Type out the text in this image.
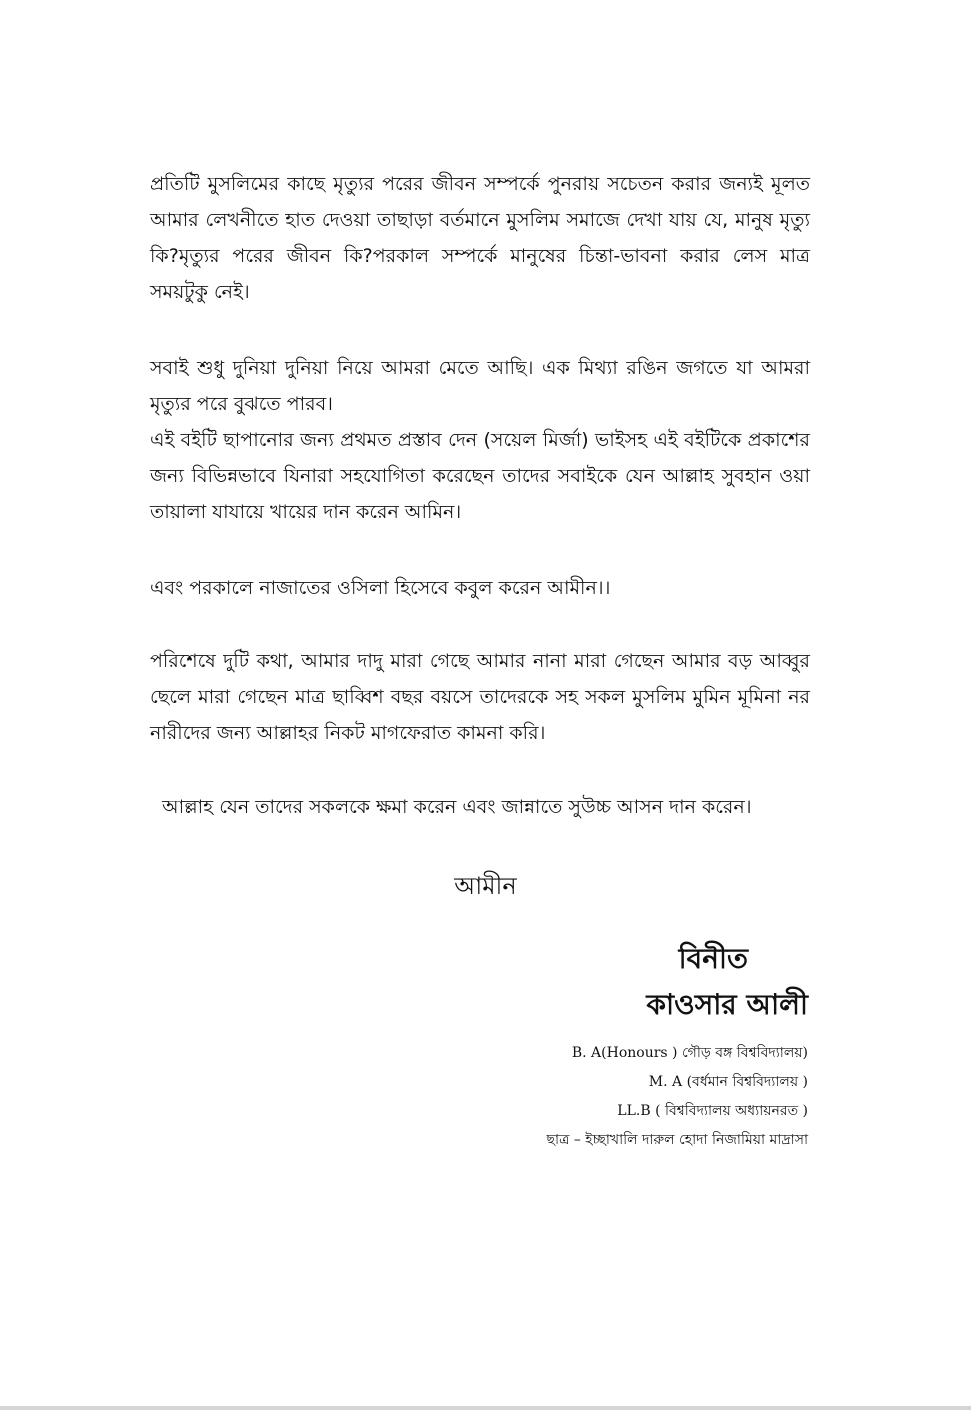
প্রতিটি মুসলিমের কাছে মৃত্যুর পরের জীবন সম্পর্কে পুনরায় সচেতন করার জন্যই মূলত আমার লেখনীতে হাত দেওয়া তাছাড়া বর্তমানে মুসলিম সমাজে দেখা যায় যে, মানুষ মৃত্যু কি?মৃত্যুর পরের জীবন কি?পরকাল সম্পর্কে মানুষের চিন্তা-ভাবনা করার লেস মাত্র সময়টুকু নেই।

সবাই শুধু দুনিয়া দুনিয়া নিয়ে আমরা মেতে আছি। এক মিথ্যা রঙিন জগতে যা আমরা মৃত্যুর পরে বুঝতে পারব।

এই বইটি ছাপানোর জন্য প্রথমত প্রস্তাব দেন (সয়েল মির্জা) ভাইসহ এই বইটিকে প্রকাশের জন্য বিভিন্নভাবে যিনারা সহযোগিতা করেছেন তাদের সবাইকে যেন আল্লাহ সুবহান ওয়া তায়ালা যাযায়ে খায়ের দান করেন আমিন।

এবং পরকালে নাজাতের ওসিলা হিসেবে কবুল করেন আমীন।।

পরিশেষে দুটি কথা, আমার দাদু মারা গেছে আমার নানা মারা গেছেন আমার বড় আব্বুর ছেলে মারা গেছেন মাত্র ছাব্বিশ বছর বয়সে তাদেরকে সহ সকল মুসলিম মুমিন মূমিনা নর নারীদের জন্য আল্লাহর নিকট মাগফেরাত কামনা করি।

আল্লাহ যেন তাদের সকলকে ক্ষমা করেন এবং জান্নাতে সুউচ্চ আসন দান করেন।

আমীন
বিনীত
কাওসার আলী
B. A(Honours ) গৌড় বঙ্গ বিশ্ববিদ্যালয়)
M. A (বর্ধমান বিশ্ববিদ্যালয় )
LL.B ( বিশ্ববিদ্যালয় অধ্যায়নরত )
ছাত্র – ইচ্ছাখালি দারুল হোদা নিজামিয়া মাদ্রাসা
